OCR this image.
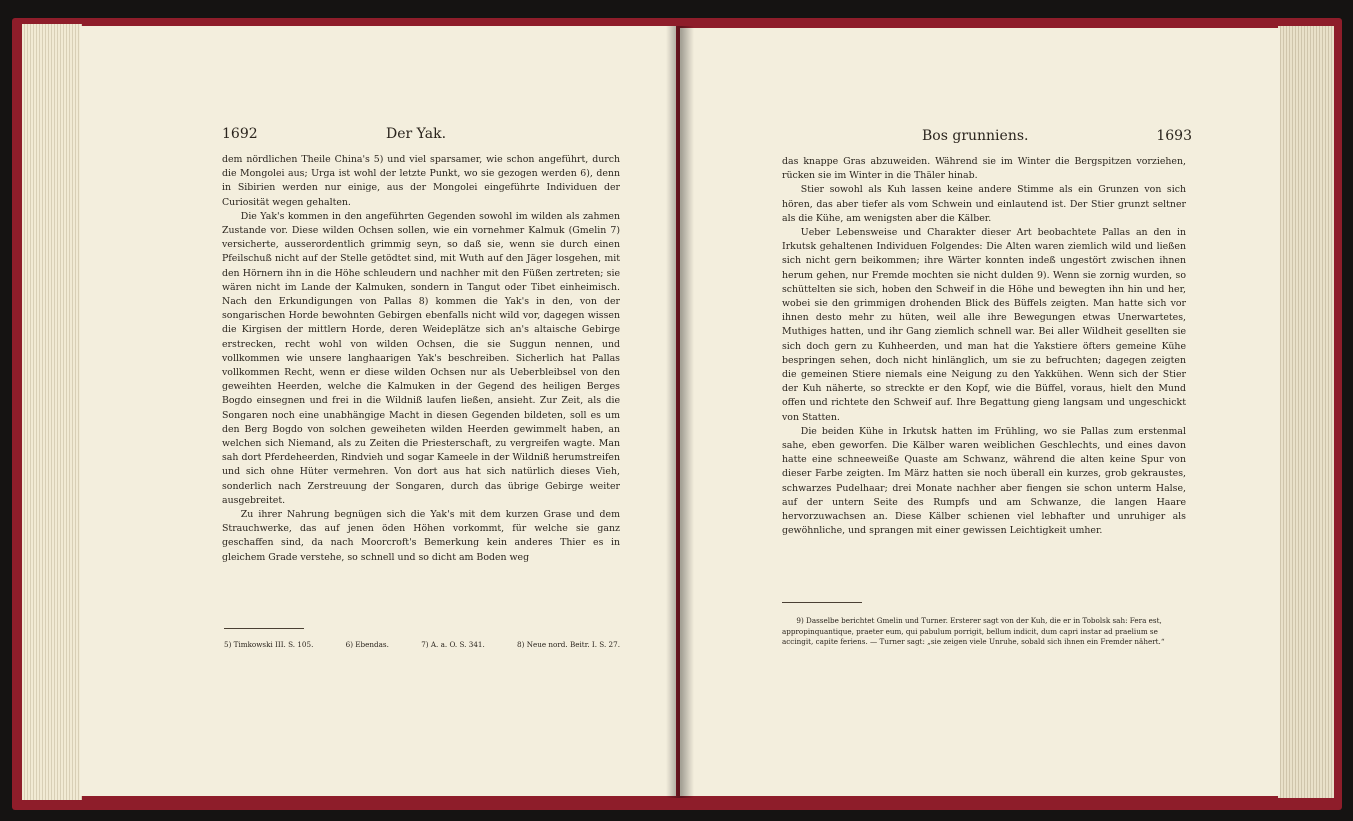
1692	Der Yak.

dem nördlichen Theile China's 5) und viel sparsamer, wie schon angeführt, durch die Mongolei aus; Urga ist wohl der letzte Punkt, wo sie gezogen werden 6), denn in Sibirien werden nur einige, aus der Mongolei eingeführte Individuen der Curiosität wegen gehalten.

Die Yak's kommen in den angeführten Gegenden sowohl im wilden als zahmen Zustande vor. Diese wilden Ochsen sollen, wie ein vornehmer Kalmuk (Gmelin 7) versicherte, ausserordentlich grimmig seyn, so daß sie, wenn sie durch einen Pfeilschuß nicht auf der Stelle getödtet sind, mit Wuth auf den Jäger losgehen, mit den Hörnern ihn in die Höhe schleudern und nachher mit den Füßen zertreten; sie wären nicht im Lande der Kalmuken, sondern in Tangut oder Tibet einheimisch. Nach den Erkundigungen von Pallas 8) kommen die Yak's in den, von der songarischen Horde bewohnten Gebirgen ebenfalls nicht wild vor, dagegen wissen die Kirgisen der mittlern Horde, deren Weideplätze sich an's altaische Gebirge erstrecken, recht wohl von wilden Ochsen, die sie Suggun nennen, und vollkommen wie unsere langhaarigen Yak's beschreiben. Sicherlich hat Pallas vollkommen Recht, wenn er diese wilden Ochsen nur als Ueberbleibsel von den geweihten Heerden, welche die Kalmuken in der Gegend des heiligen Berges Bogdo einsegnen und frei in die Wildniß laufen ließen, ansieht. Zur Zeit, als die Songaren noch eine unabhängige Macht in diesen Gegenden bildeten, soll es um den Berg Bogdo von solchen geweiheten wilden Heerden gewimmelt haben, an welchen sich Niemand, als zu Zeiten die Priesterschaft, zu vergreifen wagte. Man sah dort Pferdeheerden, Rindvieh und sogar Kameele in der Wildniß herumstreifen und sich ohne Hüter vermehren. Von dort aus hat sich natürlich dieses Vieh, sonderlich nach Zerstreuung der Songaren, durch das übrige Gebirge weiter ausgebreitet.

Zu ihrer Nahrung begnügen sich die Yak's mit dem kurzen Grase und dem Strauchwerke, das auf jenen öden Höhen vorkommt, für welche sie ganz geschaffen sind, da nach Moorcroft's Bemerkung kein anderes Thier es in gleichem Grade verstehe, so schnell und so dicht am Boden weg

5) Timkowski III. S. 105.	6) Ebendas.	7) A. a. O. S. 341.	8) Neue nord. Beitr. I. S. 27.
Bos grunniens.	1693

das knappe Gras abzuweiden. Während sie im Winter die Bergspitzen vorziehen, rücken sie im Winter in die Thäler hinab.

Stier sowohl als Kuh lassen keine andere Stimme als ein Grunzen von sich hören, das aber tiefer als vom Schwein und einlautend ist. Der Stier grunzt seltner als die Kühe, am wenigsten aber die Kälber.

Ueber Lebensweise und Charakter dieser Art beobachtete Pallas an den in Irkutsk gehaltenen Individuen Folgendes: Die Alten waren ziemlich wild und ließen sich nicht gern beikommen; ihre Wärter konnten indeß ungestört zwischen ihnen herum gehen, nur Fremde mochten sie nicht dulden 9). Wenn sie zornig wurden, so schüttelten sie sich, hoben den Schweif in die Höhe und bewegten ihn hin und her, wobei sie den grimmigen drohenden Blick des Büffels zeigten. Man hatte sich vor ihnen desto mehr zu hüten, weil alle ihre Bewegungen etwas Unerwartetes, Muthiges hatten, und ihr Gang ziemlich schnell war. Bei aller Wildheit gesellten sie sich doch gern zu Kuhheerden, und man hat die Yakstiere öfters gemeine Kühe bespringen sehen, doch nicht hinlänglich, um sie zu befruchten; dagegen zeigten die gemeinen Stiere niemals eine Neigung zu den Yakkühen. Wenn sich der Stier der Kuh näherte, so streckte er den Kopf, wie die Büffel, voraus, hielt den Mund offen und richtete den Schweif auf. Ihre Begattung gieng langsam und ungeschickt von Statten.

Die beiden Kühe in Irkutsk hatten im Frühling, wo sie Pallas zum erstenmal sahe, eben geworfen. Die Kälber waren weiblichen Geschlechts, und eines davon hatte eine schneeweiße Quaste am Schwanz, während die alten keine Spur von dieser Farbe zeigten. Im März hatten sie noch überall ein kurzes, grob gekraustes, schwarzes Pudelhaar; drei Monate nachher aber fiengen sie schon unterm Halse, auf der untern Seite des Rumpfs und am Schwanze, die langen Haare hervorzuwachsen an. Diese Kälber schienen viel lebhafter und unruhiger als gewöhnliche, und sprangen mit einer gewissen Leichtigkeit umher.

9) Dasselbe berichtet Gmelin und Turner. Ersterer sagt von der Kuh, die er in Tobolsk sah: Fera est, appropinquantique, praeter eum, qui pabulum porrigit, bellum indicit, dum capri instar ad praelium se accingit, capite feriens. — Turner sagt: „sie zeigen viele Unruhe, sobald sich ihnen ein Fremder nähert.“
